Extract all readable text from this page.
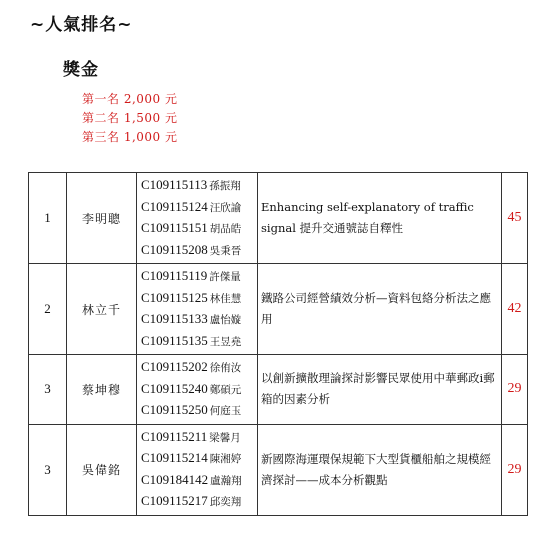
~人氣排名~
獎金
第一名 2,000 元
第二名 1,500 元
第三名 1,000 元
1	李明聰	C109115113 孫振翔
C109115124 汪欣諭
C109115151 胡品皓
C109115208 吳秉晉	Enhancing self-explanatory of traffic signal 提升交通號誌自釋性	45
2	林立千	C109115119 許傑量
C109115125 林佳慧
C109115133 盧怡嫙
C109115135 王昱堯	鐵路公司經營績效分析—資料包絡分析法之應用	42
3	蔡坤穆	C109115202 徐侑汝
C109115240 鄭碩元
C109115250 何庭玉	以創新擴散理論探討影響民眾使用中華郵政i郵箱的因素分析	29
3	吳偉銘	C109115211 梁馨月
C109115214 陳湘婷
C109184142 盧瀚翔
C109115217 邱奕翔	新國際海運環保規範下大型貨櫃船舶之規模經濟探討——成本分析觀點	29
